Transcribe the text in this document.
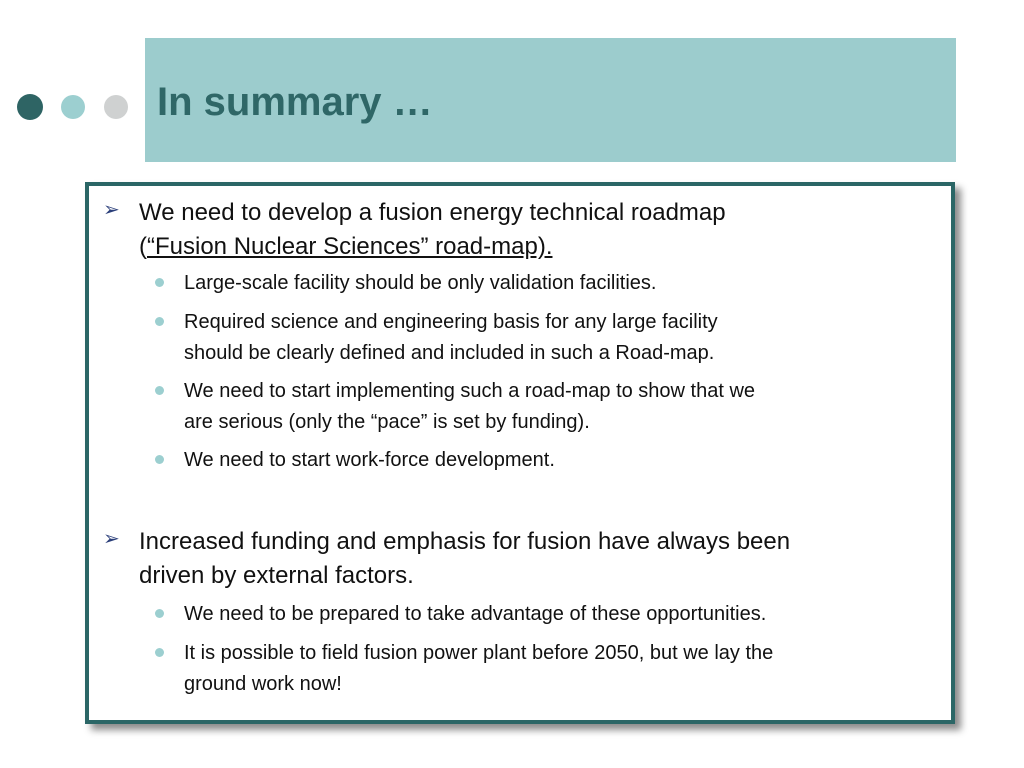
In summary …
➢ We need to develop a fusion energy technical roadmap
(“Fusion Nuclear Sciences” road-map).
Large-scale facility should be only validation facilities.
Required science and engineering basis for any large facility
should be clearly defined and included in such a Road-map.
We need to start implementing such a road-map to show that we
are serious (only the “pace” is set by funding).
We need to start work-force development.
➢ Increased funding and emphasis for fusion have always been
driven by external factors.
We need to be prepared to take advantage of these opportunities.
It is possible to field fusion power plant before 2050, but we lay the
ground work now!
